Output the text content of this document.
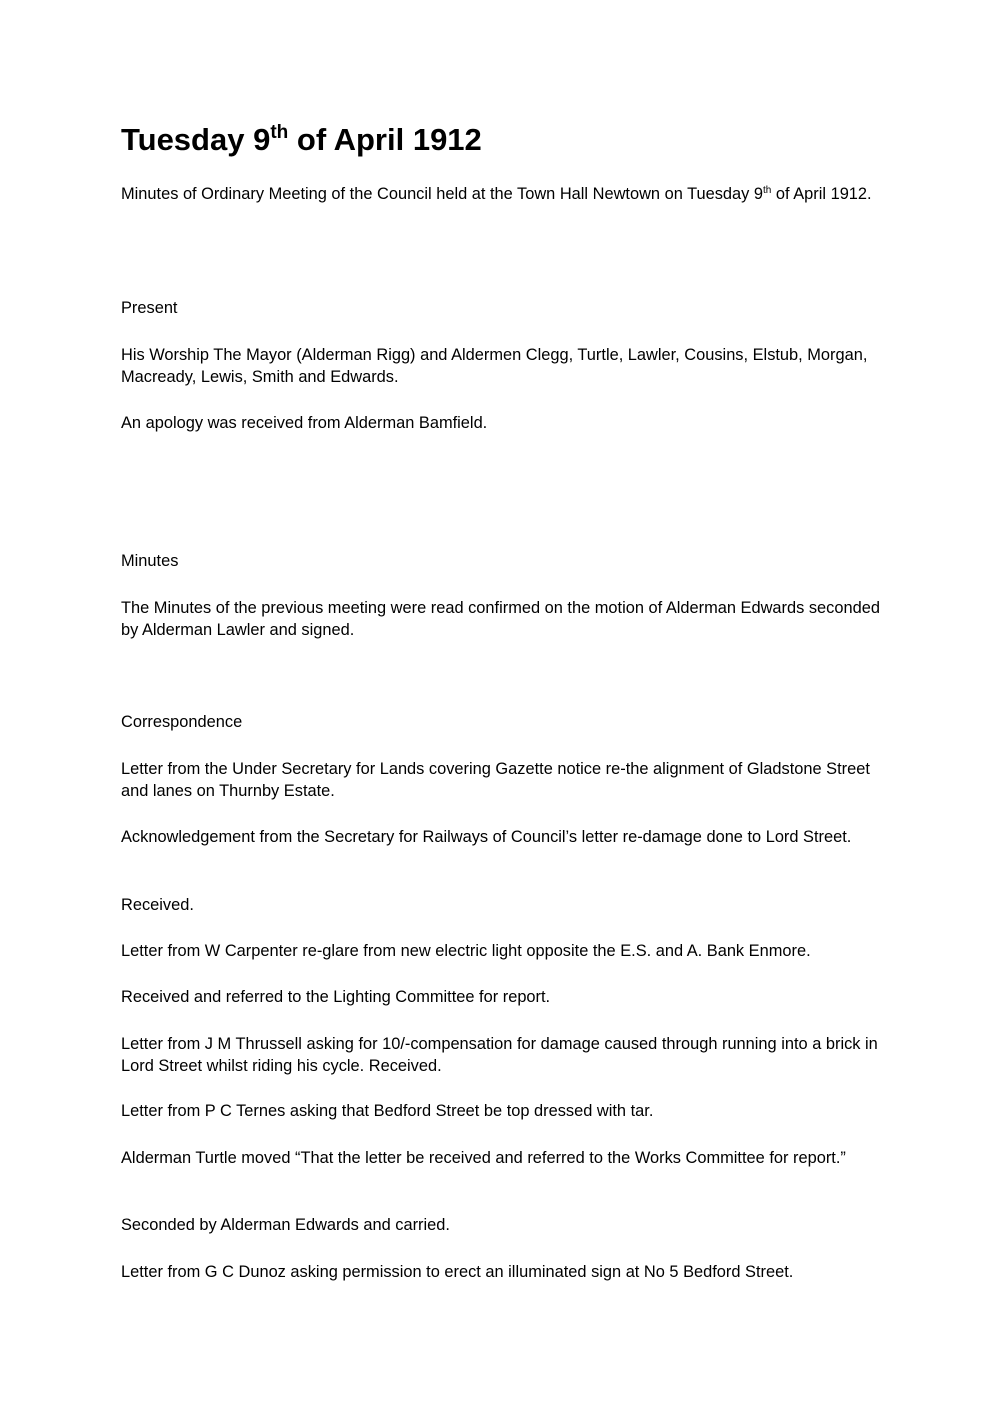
Tuesday 9th of April 1912

Minutes of Ordinary Meeting of the Council held at the Town Hall Newtown on Tuesday 9th of April 1912.

Present

His Worship The Mayor (Alderman Rigg) and Aldermen Clegg, Turtle, Lawler, Cousins, Elstub, Morgan, Macready, Lewis, Smith and Edwards.

An apology was received from Alderman Bamfield.

Minutes

The Minutes of the previous meeting were read confirmed on the motion of Alderman Edwards seconded by Alderman Lawler and signed.

Correspondence

Letter from the Under Secretary for Lands covering Gazette notice re-the alignment of Gladstone Street and lanes on Thurnby Estate.

Acknowledgement from the Secretary for Railways of Council’s letter re-damage done to Lord Street.

Received.

Letter from W Carpenter re-glare from new electric light opposite the E.S. and A. Bank Enmore.

Received and referred to the Lighting Committee for report.

Letter from J M Thrussell asking for 10/-compensation for damage caused through running into a brick in Lord Street whilst riding his cycle. Received.

Letter from P C Ternes asking that Bedford Street be top dressed with tar.

Alderman Turtle moved “That the letter be received and referred to the Works Committee for report.”

Seconded by Alderman Edwards and carried.

Letter from G C Dunoz asking permission to erect an illuminated sign at No 5 Bedford Street.
